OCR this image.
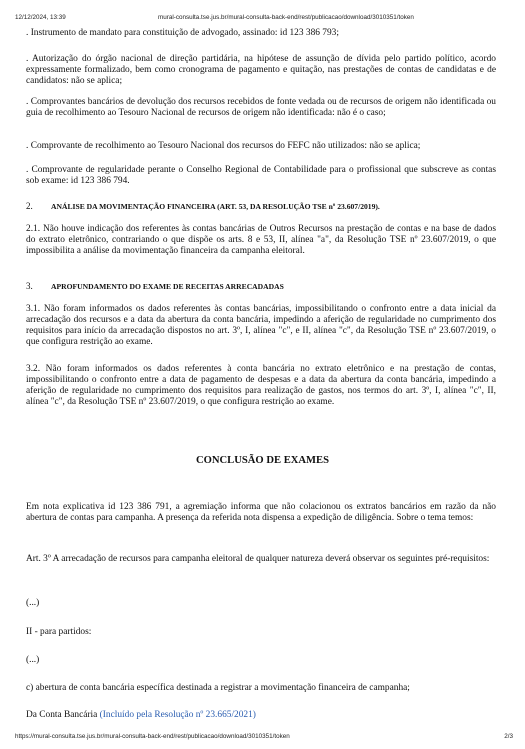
12/12/2024, 13:39	mural-consulta.tse.jus.br/mural-consulta-back-end/rest/publicacao/download/3010351/token

. Instrumento de mandato para constituição de advogado, assinado: id 123 386 793;

. Autorização do órgão nacional de direção partidária, na hipótese de assunção de dívida pelo partido político, acordo expressamente formalizado, bem como cronograma de pagamento e quitação, nas prestações de contas de candidatas e de candidatos: não se aplica;

. Comprovantes bancários de devolução dos recursos recebidos de fonte vedada ou de recursos de origem não identificada ou guia de recolhimento ao Tesouro Nacional de recursos de origem não identificada: não é o caso;

. Comprovante de recolhimento ao Tesouro Nacional dos recursos do FEFC não utilizados: não se aplica;

. Comprovante de regularidade perante o Conselho Regional de Contabilidade para o profissional que subscreve as contas sob exame: id 123 386 794.

2. ANÁLISE DA MOVIMENTAÇÃO FINANCEIRA (ART. 53, DA RESOLUÇÃO TSE nº 23.607/2019).

2.1. Não houve indicação dos referentes às contas bancárias de Outros Recursos na prestação de contas e na base de dados do extrato eletrônico, contrariando o que dispõe os arts. 8 e 53, II, alínea "a", da Resolução TSE nº 23.607/2019, o que impossibilita a análise da movimentação financeira da campanha eleitoral.

3. APROFUNDAMENTO DO EXAME DE RECEITAS ARRECADADAS

3.1. Não foram informados os dados referentes às contas bancárias, impossibilitando o confronto entre a data inicial da arrecadação dos recursos e a data da abertura da conta bancária, impedindo a aferição de regularidade no cumprimento dos requisitos para início da arrecadação dispostos no art. 3º, I, alínea "c", e II, alínea "c", da Resolução TSE nº 23.607/2019, o que configura restrição ao exame.

3.2. Não foram informados os dados referentes à conta bancária no extrato eletrônico e na prestação de contas, impossibilitando o confronto entre a data de pagamento de despesas e a data da abertura da conta bancária, impedindo a aferição de regularidade no cumprimento dos requisitos para realização de gastos, nos termos do art. 3º, I, alínea "c", II, alínea "c", da Resolução TSE nº 23.607/2019, o que configura restrição ao exame.

CONCLUSÃO DE EXAMES

Em nota explicativa id 123 386 791, a agremiação informa que não colacionou os extratos bancários em razão da não abertura de contas para campanha. A presença da referida nota dispensa a expedição de diligência. Sobre o tema temos:

Art. 3º A arrecadação de recursos para campanha eleitoral de qualquer natureza deverá observar os seguintes pré-requisitos:

(...)

II - para partidos:

(...)

c) abertura de conta bancária específica destinada a registrar a movimentação financeira de campanha;

Da Conta Bancária (Incluído pela Resolução nº 23.665/2021)

https://mural-consulta.tse.jus.br/mural-consulta-back-end/rest/publicacao/download/3010351/token	2/3
